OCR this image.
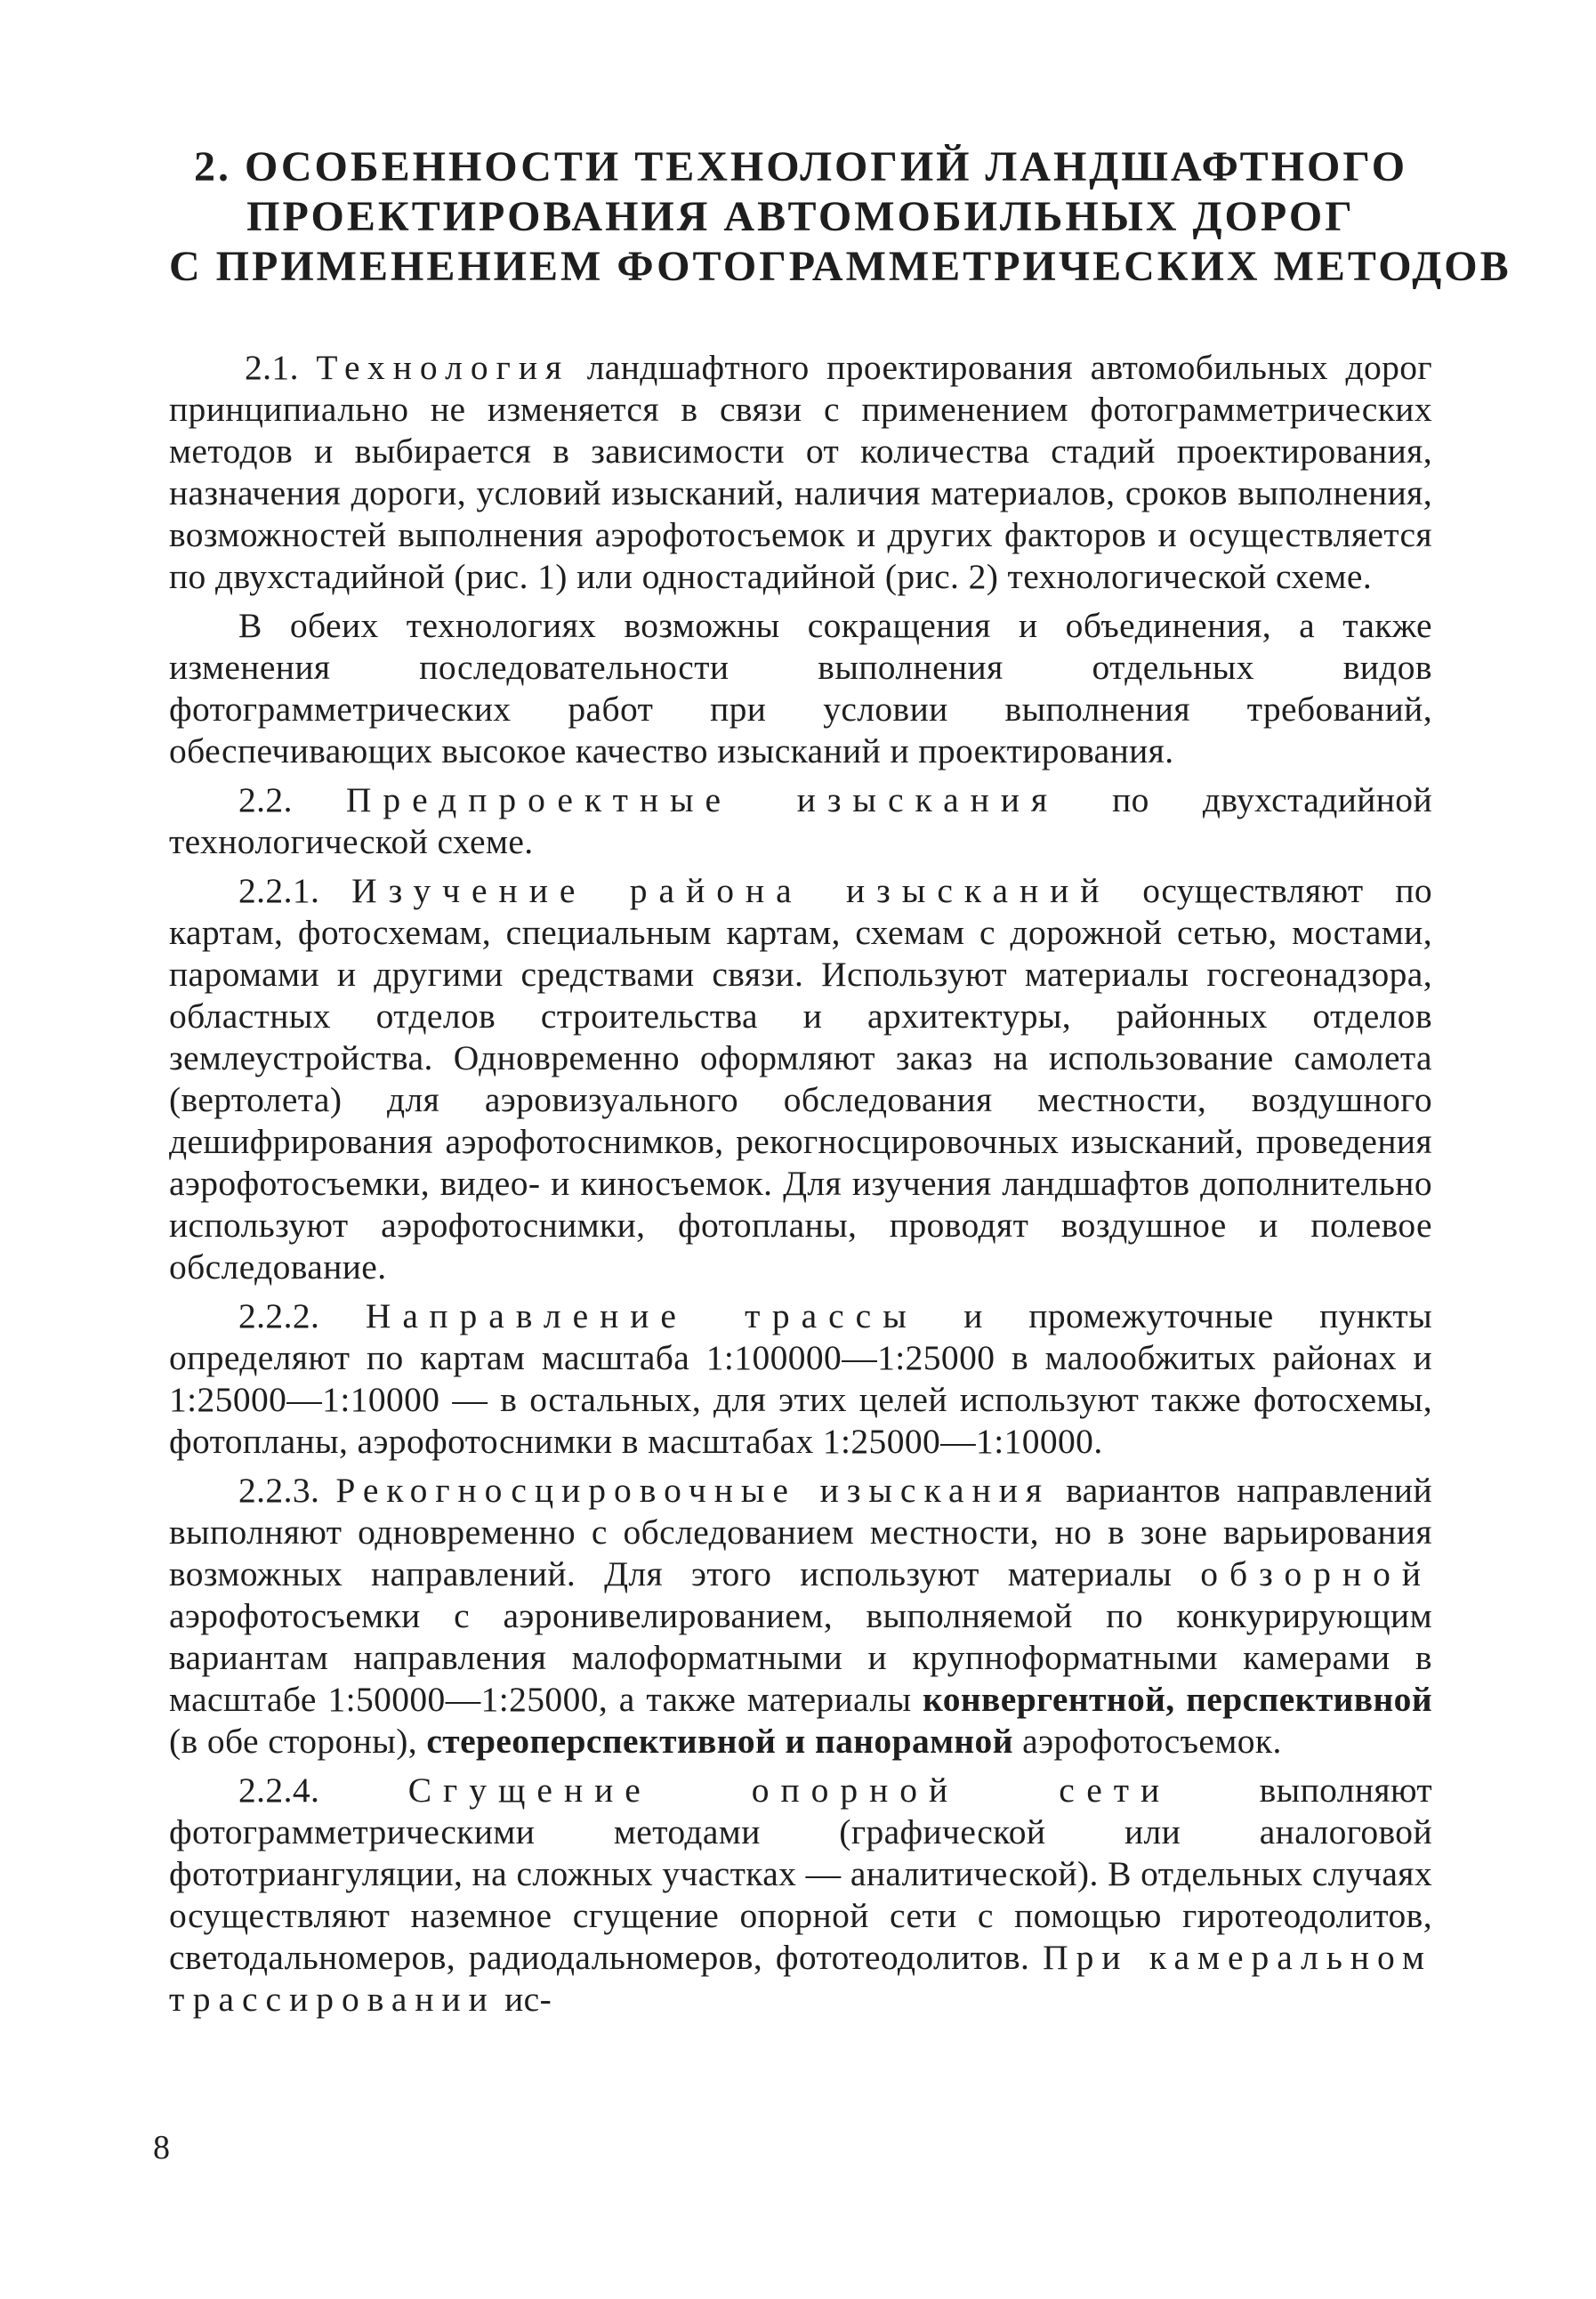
2. ОСОБЕННОСТИ ТЕХНОЛОГИЙ ЛАНДШАФТНОГО
ПРОЕКТИРОВАНИЯ АВТОМОБИЛЬНЫХ ДОРОГ
С ПРИМЕНЕНИЕМ ФОТОГРАММЕТРИЧЕСКИХ МЕТОДОВ

2.1. Технология ландшафтного проектирования автомобильных дорог принципиально не изменяется в связи с применением фотограмметрических методов и выбирается в зависимости от количества стадий проектирования, назначения дороги, условий изысканий, наличия материалов, сроков выполнения, возможностей выполнения аэрофотосъемок и других факторов и осуществляется по двухстадийной (рис. 1) или одностадийной (рис. 2) технологической схеме.

В обеих технологиях возможны сокращения и объединения, а также изменения последовательности выполнения отдельных видов фотограмметрических работ при условии выполнения требований, обеспечивающих высокое качество изысканий и проектирования.

2.2. Предпроектные изыскания по двухстадийной технологической схеме.

2.2.1. Изучение района изысканий осуществляют по картам, фотосхемам, специальным картам, схемам с дорожной сетью, мостами, паромами и другими средствами связи. Используют материалы госгеонадзора, областных отделов строительства и архитектуры, районных отделов землеустройства. Одновременно оформляют заказ на использование самолета (вертолета) для аэровизуального обследования местности, воздушного дешифрирования аэрофотоснимков, рекогносцировочных изысканий, проведения аэрофотосъемки, видео- и киносъемок. Для изучения ландшафтов дополнительно используют аэрофотоснимки, фотопланы, проводят воздушное и полевое обследование.

2.2.2. Направление трассы и промежуточные пункты определяют по картам масштаба 1:100000—1:25000 в малообжитых районах и 1:25000—1:10000 — в остальных, для этих целей используют также фотосхемы, фотопланы, аэрофотоснимки в масштабах 1:25000—1:10000.

2.2.3. Рекогносцировочные изыскания вариантов направлений выполняют одновременно с обследованием местности, но в зоне варьирования возможных направлений. Для этого используют материалы обзорной аэрофотосъемки с аэронивелированием, выполняемой по конкурирующим вариантам направления малоформатными и крупноформатными камерами в масштабе 1:50000—1:25000, а также материалы конвергентной, перспективной (в обе стороны), стереоперспективной и панорамной аэрофотосъемок.

2.2.4.	Сгущение опорной сети	выполняют фотограмметрическими методами (графической или аналоговой фототриангуляции, на сложных участках — аналитической). В отдельных случаях осуществляют наземное сгущение опорной сети с помощью гиротеодолитов, светодальномеров, радиодальномеров, фототеодолитов. При камеральном трассировании ис-

8
